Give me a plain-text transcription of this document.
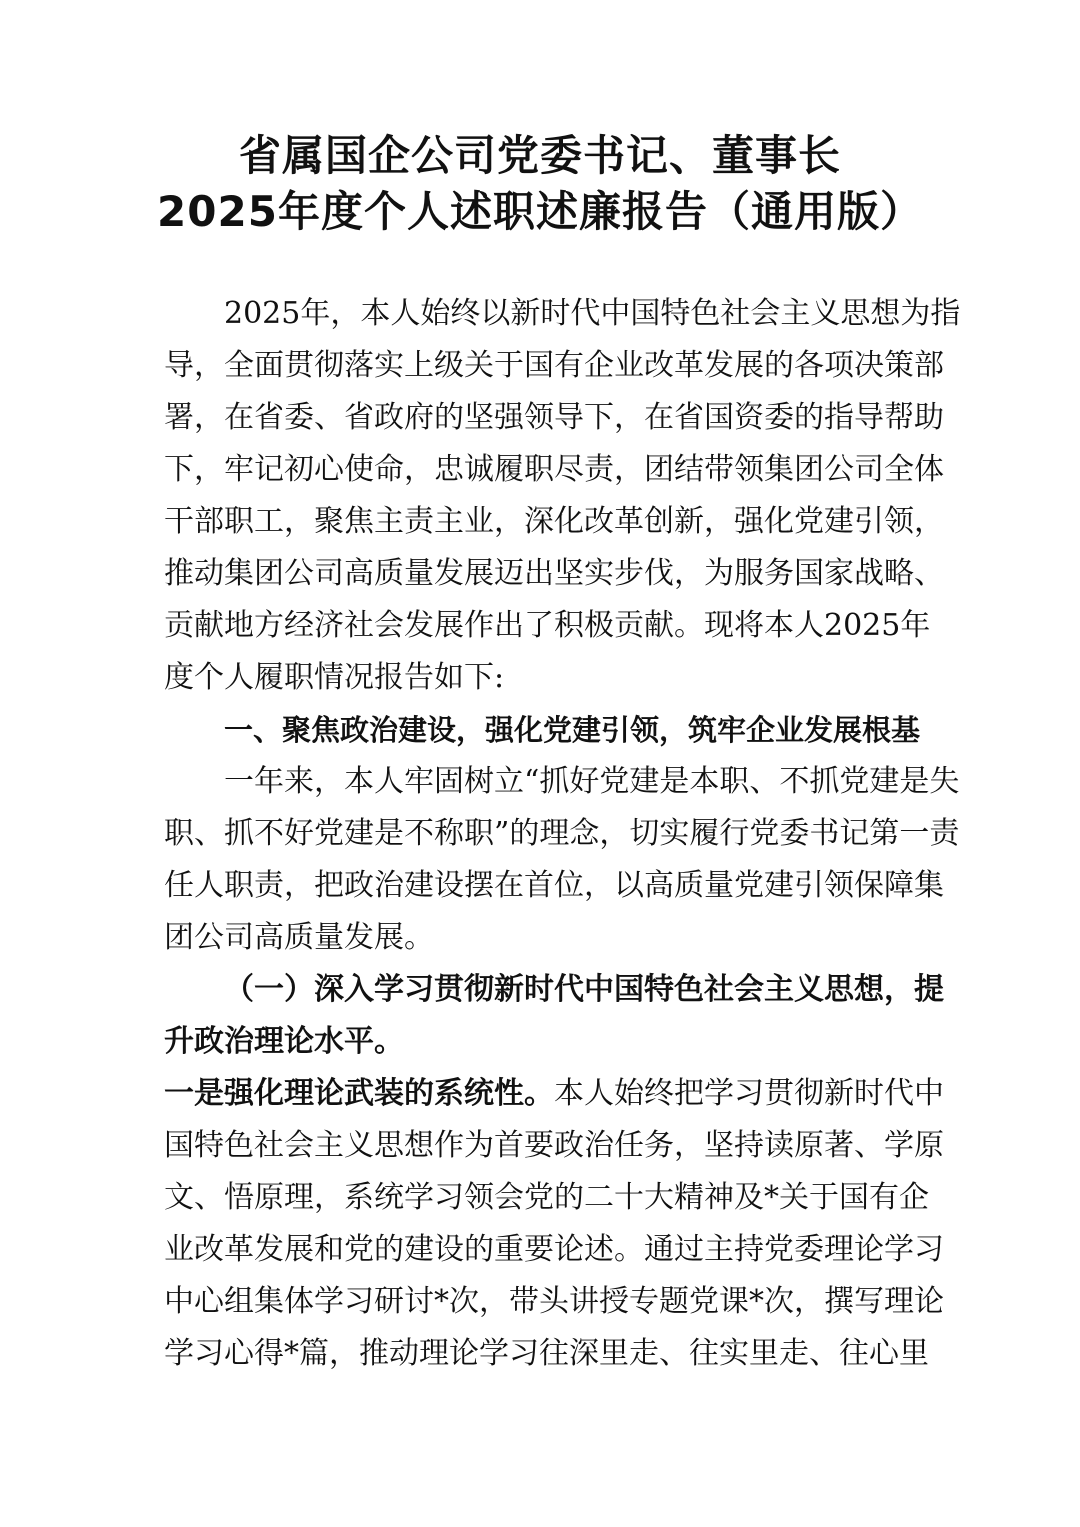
省属国企公司党委书记、董事长
2025年度个人述职述廉报告（通用版）
2025年，本人始终以新时代中国特色社会主义思想为指
导，全面贯彻落实上级关于国有企业改革发展的各项决策部
署，在省委、省政府的坚强领导下，在省国资委的指导帮助
下，牢记初心使命，忠诚履职尽责，团结带领集团公司全体
干部职工，聚焦主责主业，深化改革创新，强化党建引领，
推动集团公司高质量发展迈出坚实步伐，为服务国家战略、
贡献地方经济社会发展作出了积极贡献。现将本人2025年
度个人履职情况报告如下:
一、聚焦政治建设，强化党建引领，筑牢企业发展根基
一年来，本人牢固树立“抓好党建是本职、不抓党建是失
职、抓不好党建是不称职”的理念，切实履行党委书记第一责
任人职责，把政治建设摆在首位，以高质量党建引领保障集
团公司高质量发展。
（一）深入学习贯彻新时代中国特色社会主义思想，提
升政治理论水平。
一是强化理论武装的系统性。本人始终把学习贯彻新时代中
国特色社会主义思想作为首要政治任务，坚持读原著、学原
文、悟原理，系统学习领会党的二十大精神及*关于国有企
业改革发展和党的建设的重要论述。通过主持党委理论学习
中心组集体学习研讨*次，带头讲授专题党课*次，撰写理论
学习心得*篇，推动理论学习往深里走、往实里走、往心里
